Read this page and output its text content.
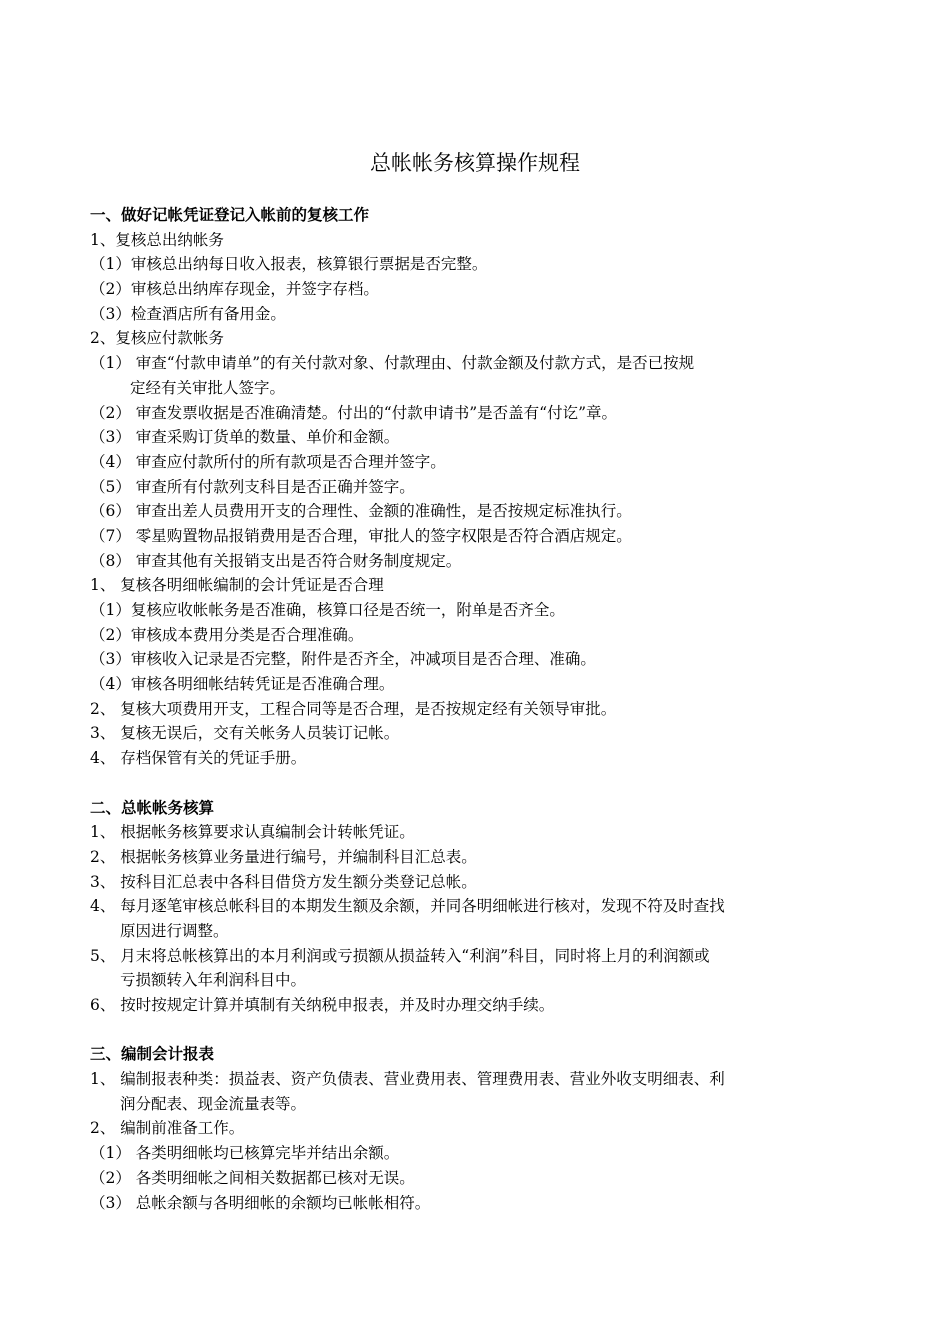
总帐帐务核算操作规程
一、做好记帐凭证登记入帐前的复核工作
1、复核总出纳帐务
（1）审核总出纳每日收入报表，核算银行票据是否完整。
（2）审核总出纳库存现金，并签字存档。
（3）检查酒店所有备用金。
2、复核应付款帐务
（1） 审查“付款申请单”的有关付款对象、付款理由、付款金额及付款方式，是否已按规
定经有关审批人签字。
（2） 审查发票收据是否准确清楚。付出的“付款申请书”是否盖有“付讫”章。
（3） 审查采购订货单的数量、单价和金额。
（4） 审查应付款所付的所有款项是否合理并签字。
（5） 审查所有付款列支科目是否正确并签字。
（6） 审查出差人员费用开支的合理性、金额的准确性，是否按规定标准执行。
（7） 零星购置物品报销费用是否合理，审批人的签字权限是否符合酒店规定。
（8） 审查其他有关报销支出是否符合财务制度规定。
1、 复核各明细帐编制的会计凭证是否合理
（1）复核应收帐帐务是否准确，核算口径是否统一，附单是否齐全。
（2）审核成本费用分类是否合理准确。
（3）审核收入记录是否完整，附件是否齐全，冲减项目是否合理、准确。
（4）审核各明细帐结转凭证是否准确合理。
2、 复核大项费用开支，工程合同等是否合理，是否按规定经有关领导审批。
3、 复核无误后，交有关帐务人员装订记帐。
4、 存档保管有关的凭证手册。
二、总帐帐务核算
1、 根据帐务核算要求认真编制会计转帐凭证。
2、 根据帐务核算业务量进行编号，并编制科目汇总表。
3、 按科目汇总表中各科目借贷方发生额分类登记总帐。
4、 每月逐笔审核总帐科目的本期发生额及余额，并同各明细帐进行核对，发现不符及时查找
原因进行调整。
5、 月末将总帐核算出的本月利润或亏损额从损益转入“利润”科目，同时将上月的利润额或
亏损额转入年利润科目中。
6、 按时按规定计算并填制有关纳税申报表，并及时办理交纳手续。
三、编制会计报表
1、 编制报表种类：损益表、资产负债表、营业费用表、管理费用表、营业外收支明细表、利
润分配表、现金流量表等。
2、 编制前准备工作。
（1） 各类明细帐均已核算完毕并结出余额。
（2） 各类明细帐之间相关数据都已核对无误。
（3） 总帐余额与各明细帐的余额均已帐帐相符。
